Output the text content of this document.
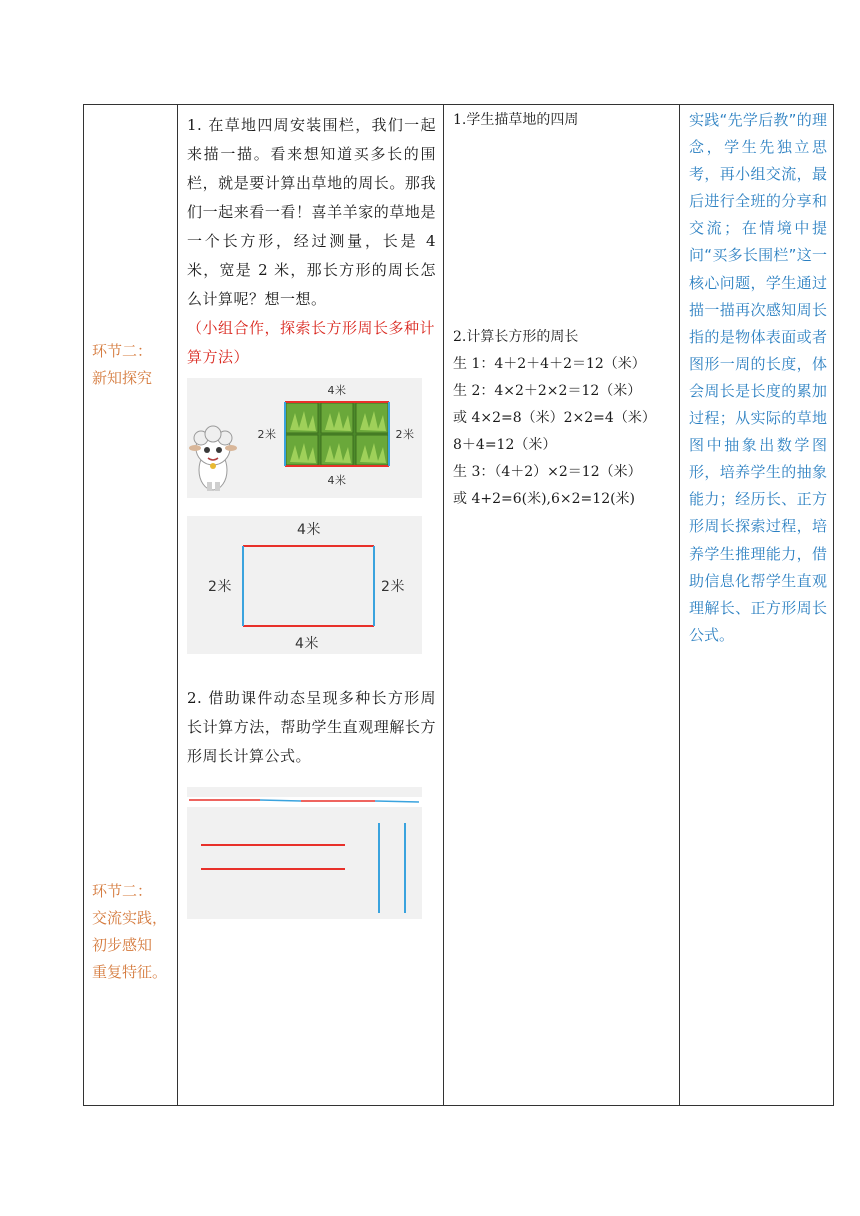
环节二：
新知探究
环节二：
交流实践，
初步感知
重复特征。

1. 在草地四周安装围栏，我们一起来描一描。看来想知道买多长的围栏，就是要计算出草地的周长。那我们一起来看一看！喜羊羊家的草地是一个长方形，经过测量，长是 4 米，宽是 2 米，那长方形的周长怎么计算呢？想一想。
（小组合作，探索长方形周长多种计算方法）
4米
4米
2米	2米
4米
4米
2米	2米
2. 借助课件动态呈现多种长方形周长计算方法，帮助学生直观理解长方形周长计算公式。

1.学生描草地的四周
2.计算长方形的周长
生 1：4＋2＋4＋2＝12（米）
生 2：4×2＋2×2＝12（米）
或 4×2=8（米）2×2=4（米）
8＋4=12（米）
生 3：（4＋2）×2＝12（米）
或 4+2=6(米),6×2=12(米)

实践“先学后教”的理念，学生先独立思考，再小组交流，最后进行全班的分享和交流；在情境中提问“买多长围栏”这一核心问题，学生通过描一描再次感知周长指的是物体表面或者图形一周的长度，体会周长是长度的累加过程；从实际的草地图中抽象出数学图形，培养学生的抽象能力；经历长、正方形周长探索过程，培养学生推理能力，借助信息化帮学生直观理解长、正方形周长公式。
